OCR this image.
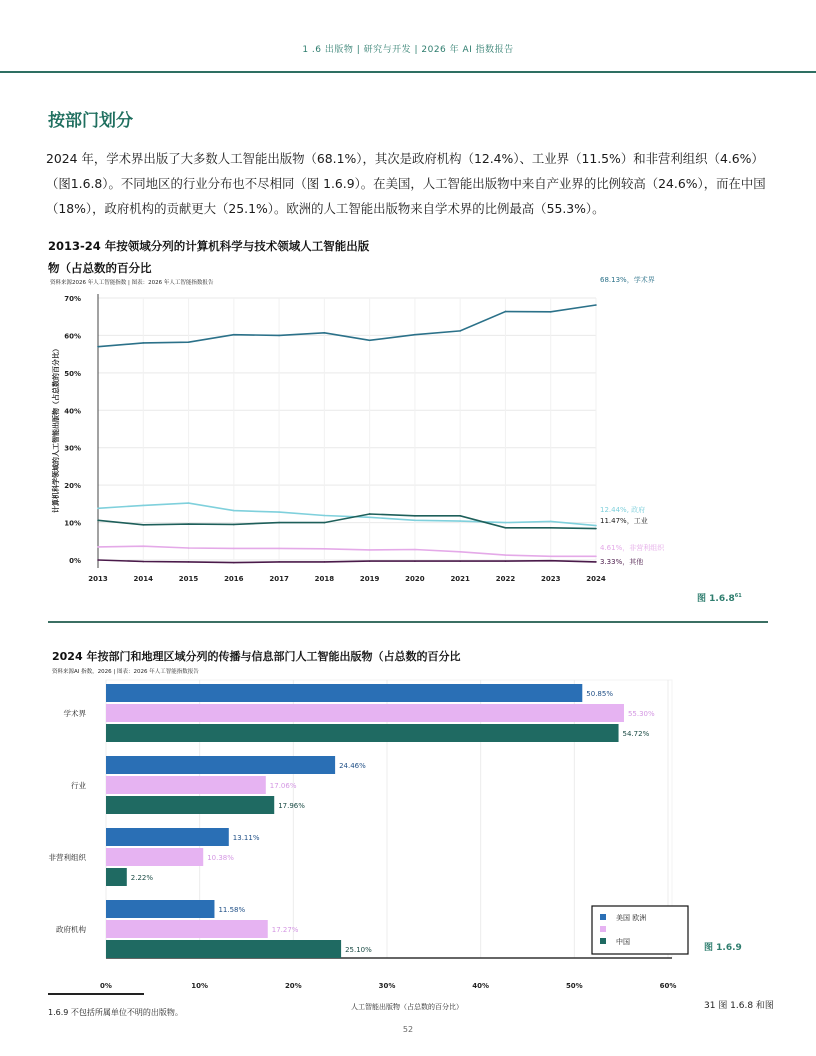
1 .6 出版物 | 研究与开发 | 2026 年 AI 指数报告
按部门划分
2024 年，学术界出版了大多数人工智能出版物（68.1%），其次是政府机构（12.4%）、工业界（11.5%）和非营利组织（4.6%）（图1.6.8）。不同地区的行业分布也不尽相同（图 1.6.9）。在美国，人工智能出版物中来自产业界的比例较高（24.6%），而在中国（18%），政府机构的贡献更大（25.1%）。欧洲的人工智能出版物来自学术界的比例最高（55.3%）。
2013-24 年按领域分列的计算机科学与技术领域人工智能出版物（占总数的百分比
资料来源2026 年人工智能指数 | 图表：2026 年人工智能指数报告
0%
10%
20%
30%
40%
50%
60%
70%
2013	2014	2015	2016	2017	2018	2019	2020	2021	2022	2023	2024
计算机科学领域的人工智能出版物（占总数的百分比）
68.13%，学术界
12.44%, 政府
11.47%，工业
4.61%，非营利组织
3.33%，其他
图 1.6.8$^{61}$
2024 年按部门和地理区域分列的传播与信息部门人工智能出版物（占总数的百分比
资料来源AI 指数，2026 | 图表：2026 年人工智能指数报告
0%	10%	20%	30%	40%	50%	60%
学术界
50.85%
55.30%
54.72%
行业
24.46%
17.06%
17.96%
非营利组织
13.11%
10.38%
2.22%
政府机构
11.58%
17.27%
25.10%
美国 欧洲
中国
人工智能出版物（占总数的百分比）
图 1.6.9
1.6.9 不包括所属单位不明的出版物。
31 图 1.6.8 和图
52
